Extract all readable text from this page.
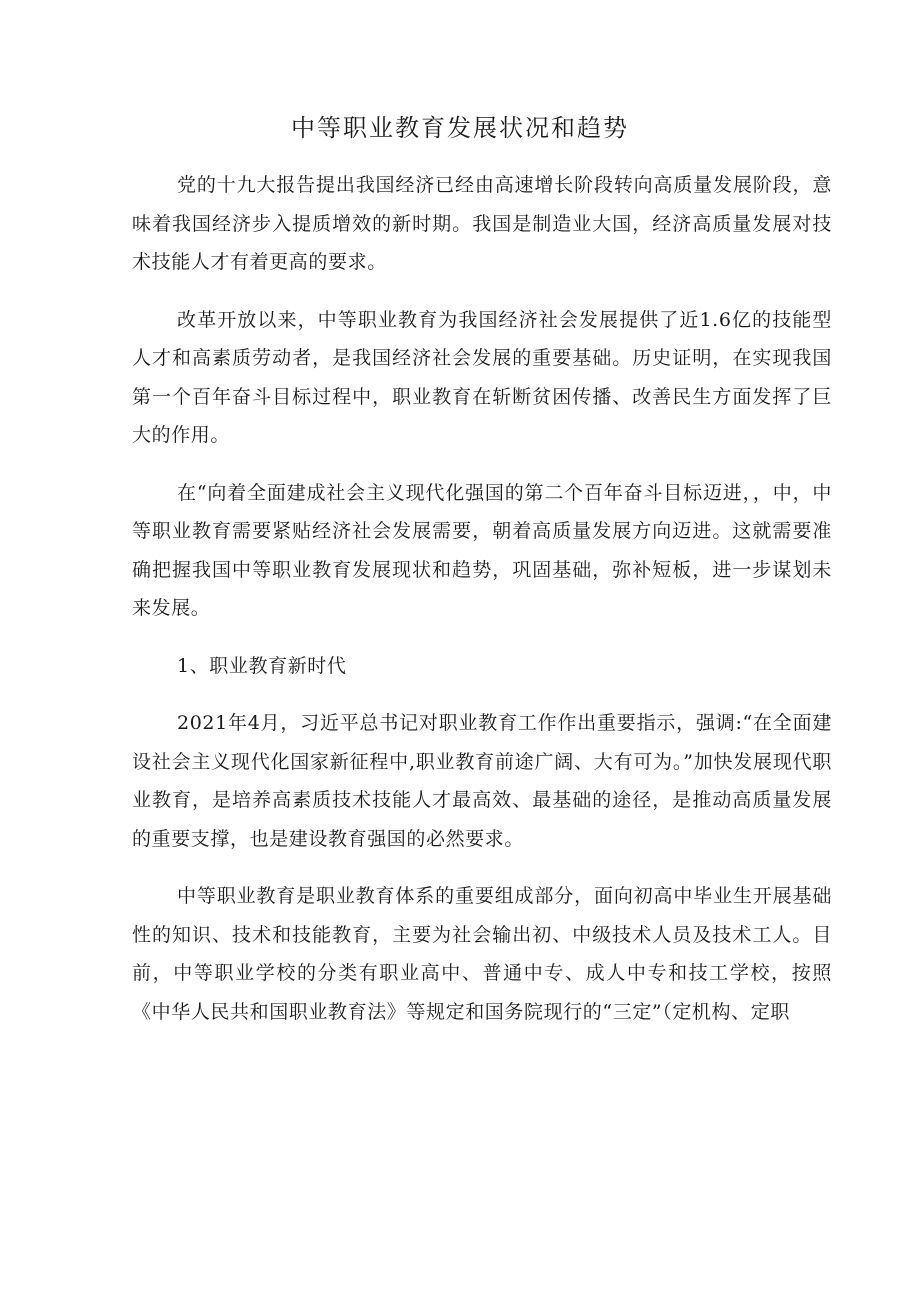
中等职业教育发展状况和趋势

党的十九大报告提出我国经济已经由高速增长阶段转向高质量发展阶段，意味着我国经济步入提质增效的新时期。我国是制造业大国，经济高质量发展对技术技能人才有着更高的要求。

改革开放以来，中等职业教育为我国经济社会发展提供了近1.6亿的技能型人才和高素质劳动者，是我国经济社会发展的重要基础。历史证明，在实现我国第一个百年奋斗目标过程中，职业教育在斩断贫困传播、改善民生方面发挥了巨大的作用。

在“向着全面建成社会主义现代化强国的第二个百年奋斗目标迈进，，中，中等职业教育需要紧贴经济社会发展需要，朝着高质量发展方向迈进。这就需要准确把握我国中等职业教育发展现状和趋势，巩固基础，弥补短板，进一步谋划未来发展。

1、职业教育新时代

2021年4月，习近平总书记对职业教育工作作出重要指示，强调:“在全面建设社会主义现代化国家新征程中,职业教育前途广阔、大有可为。”加快发展现代职业教育，是培养高素质技术技能人才最高效、最基础的途径，是推动高质量发展的重要支撑，也是建设教育强国的必然要求。

中等职业教育是职业教育体系的重要组成部分，面向初高中毕业生开展基础性的知识、技术和技能教育，主要为社会输出初、中级技术人员及技术工人。目前，中等职业学校的分类有职业高中、普通中专、成人中专和技工学校，按照《中华人民共和国职业教育法》等规定和国务院现行的“三定”（定机构、定职
